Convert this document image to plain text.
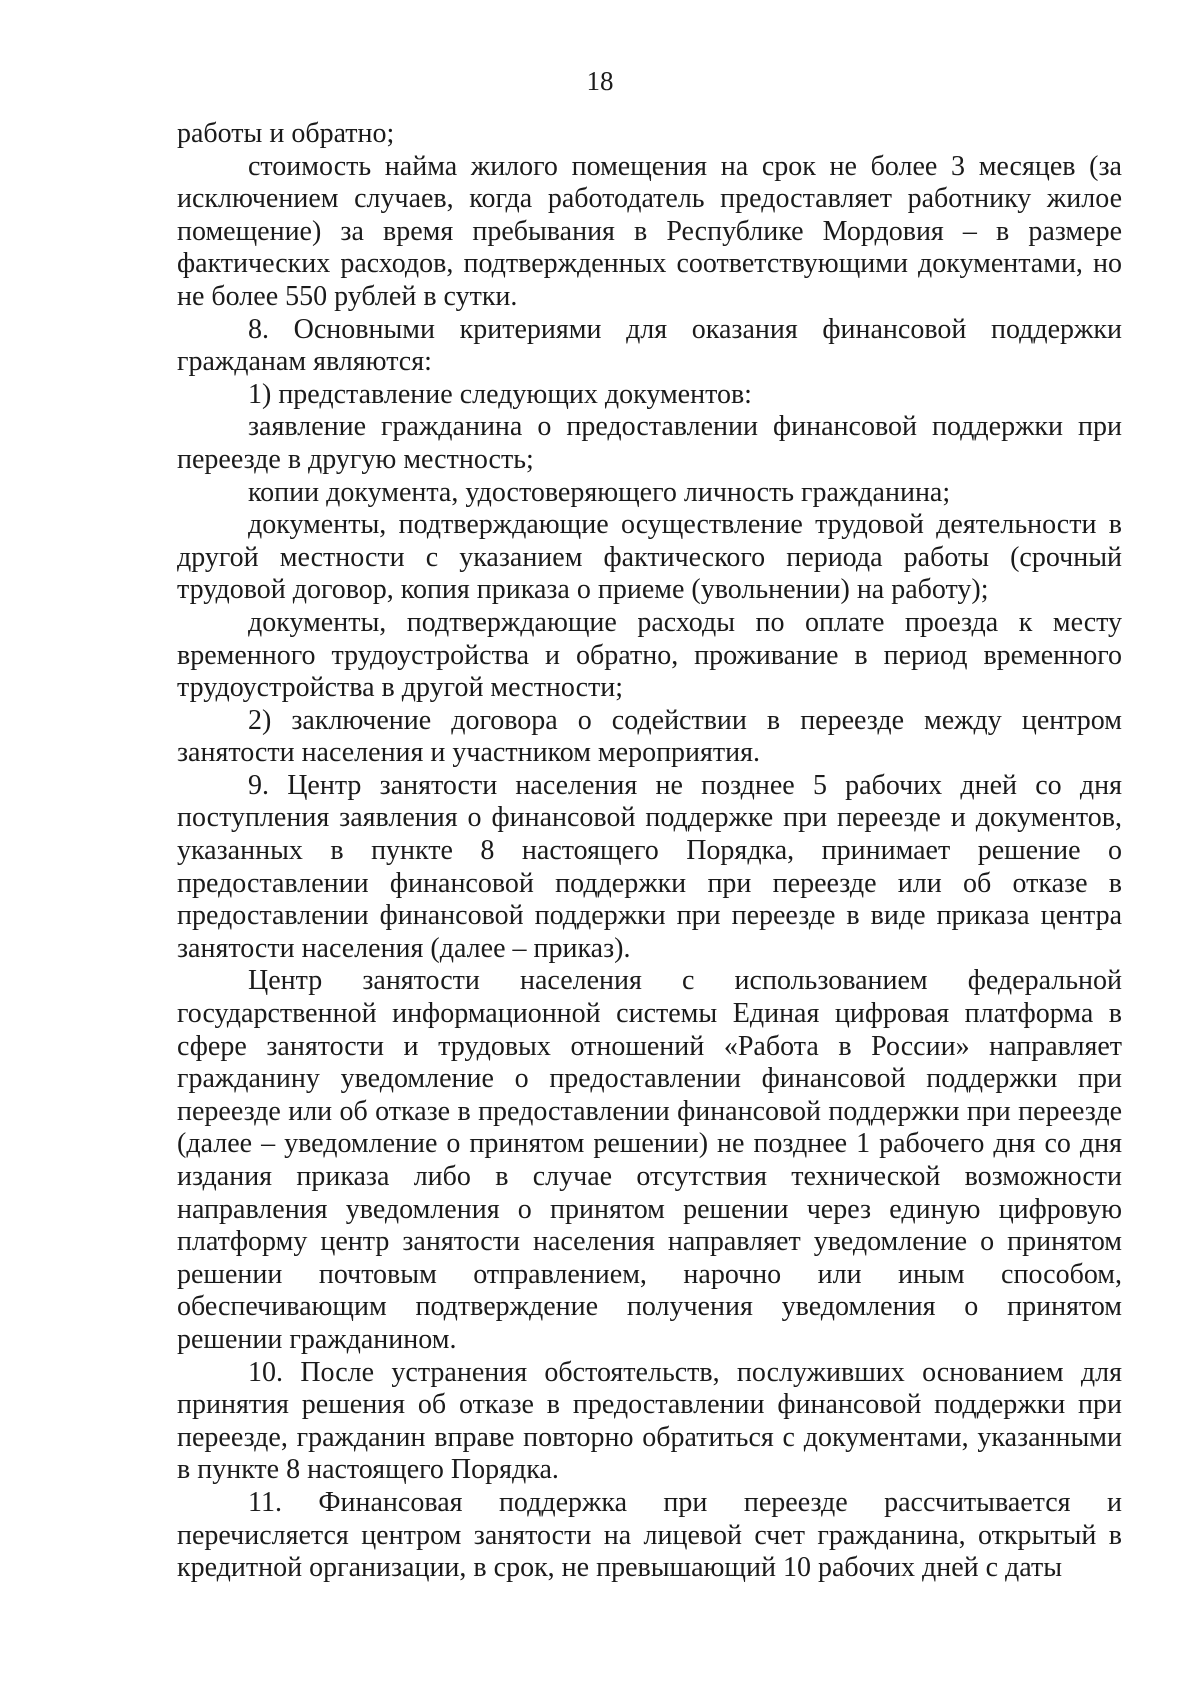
18

работы и обратно;

стоимость найма жилого помещения на срок не более 3 месяцев (за исключением случаев, когда работодатель предоставляет работнику жилое помещение) за время пребывания в Республике Мордовия – в размере фактических расходов, подтвержденных соответствующими документами, но не более 550 рублей в сутки.

8. Основными критериями для оказания финансовой поддержки гражданам являются:

1) представление следующих документов:

заявление гражданина о предоставлении финансовой поддержки при переезде в другую местность;

копии документа, удостоверяющего личность гражданина;

документы, подтверждающие осуществление трудовой деятельности в другой местности с указанием фактического периода работы (срочный трудовой договор, копия приказа о приеме (увольнении) на работу);

документы, подтверждающие расходы по оплате проезда к месту временного трудоустройства и обратно, проживание в период временного трудоустройства в другой местности;

2) заключение договора о содействии в переезде между центром занятости населения и участником мероприятия.

9. Центр занятости населения не позднее 5 рабочих дней со дня поступления заявления о финансовой поддержке при переезде и документов, указанных в пункте 8 настоящего Порядка, принимает решение о предоставлении финансовой поддержки при переезде или об отказе в предоставлении финансовой поддержки при переезде в виде приказа центра занятости населения (далее – приказ).

Центр занятости населения с использованием федеральной государственной информационной системы Единая цифровая платформа в сфере занятости и трудовых отношений «Работа в России» направляет гражданину уведомление о предоставлении финансовой поддержки при переезде или об отказе в предоставлении финансовой поддержки при переезде (далее – уведомление о принятом решении) не позднее 1 рабочего дня со дня издания приказа либо в случае отсутствия технической возможности направления уведомления о принятом решении через единую цифровую платформу центр занятости населения направляет уведомление о принятом решении почтовым отправлением, нарочно или иным способом, обеспечивающим подтверждение получения уведомления о принятом решении гражданином.

10. После устранения обстоятельств, послуживших основанием для принятия решения об отказе в предоставлении финансовой поддержки при переезде, гражданин вправе повторно обратиться с документами, указанными в пункте 8 настоящего Порядка.

11. Финансовая поддержка при переезде рассчитывается и перечисляется центром занятости на лицевой счет гражданина, открытый в кредитной организации, в срок, не превышающий 10 рабочих дней с даты
